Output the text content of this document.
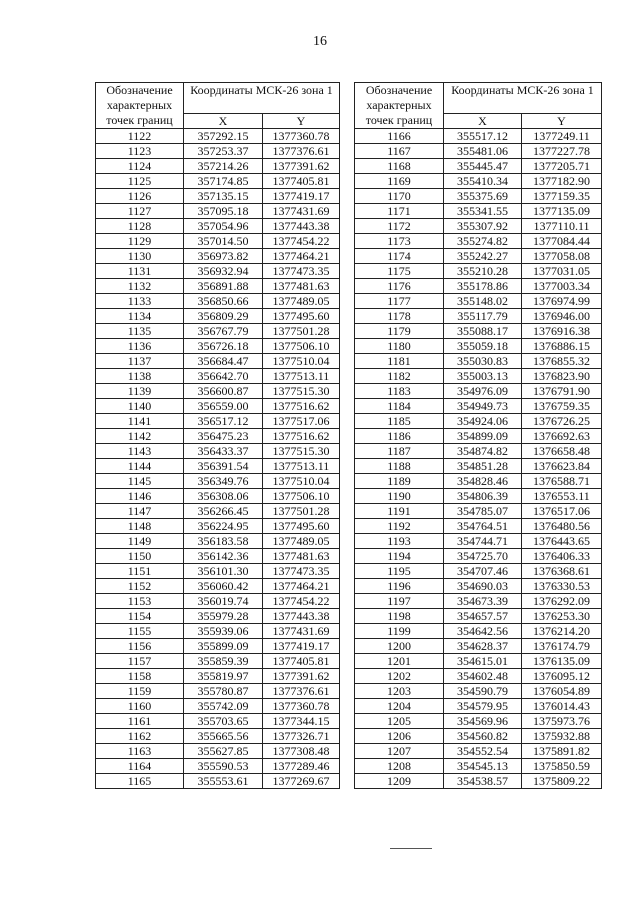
16
Обозначение характерных точек границ	Координаты МСК-26 зона 1	
	X	Y
1122	357292.15	1377360.78
1123	357253.37	1377376.61
1124	357214.26	1377391.62
1125	357174.85	1377405.81
1126	357135.15	1377419.17
1127	357095.18	1377431.69
1128	357054.96	1377443.38
1129	357014.50	1377454.22
1130	356973.82	1377464.21
1131	356932.94	1377473.35
1132	356891.88	1377481.63
1133	356850.66	1377489.05
1134	356809.29	1377495.60
1135	356767.79	1377501.28
1136	356726.18	1377506.10
1137	356684.47	1377510.04
1138	356642.70	1377513.11
1139	356600.87	1377515.30
1140	356559.00	1377516.62
1141	356517.12	1377517.06
1142	356475.23	1377516.62
1143	356433.37	1377515.30
1144	356391.54	1377513.11
1145	356349.76	1377510.04
1146	356308.06	1377506.10
1147	356266.45	1377501.28
1148	356224.95	1377495.60
1149	356183.58	1377489.05
1150	356142.36	1377481.63
1151	356101.30	1377473.35
1152	356060.42	1377464.21
1153	356019.74	1377454.22
1154	355979.28	1377443.38
1155	355939.06	1377431.69
1156	355899.09	1377419.17
1157	355859.39	1377405.81
1158	355819.97	1377391.62
1159	355780.87	1377376.61
1160	355742.09	1377360.78
1161	355703.65	1377344.15
1162	355665.56	1377326.71
1163	355627.85	1377308.48
1164	355590.53	1377289.46
1165	355553.61	1377269.67
Обозначение характерных точек границ	Координаты МСК-26 зона 1	
	X	Y
1166	355517.12	1377249.11
1167	355481.06	1377227.78
1168	355445.47	1377205.71
1169	355410.34	1377182.90
1170	355375.69	1377159.35
1171	355341.55	1377135.09
1172	355307.92	1377110.11
1173	355274.82	1377084.44
1174	355242.27	1377058.08
1175	355210.28	1377031.05
1176	355178.86	1377003.34
1177	355148.02	1376974.99
1178	355117.79	1376946.00
1179	355088.17	1376916.38
1180	355059.18	1376886.15
1181	355030.83	1376855.32
1182	355003.13	1376823.90
1183	354976.09	1376791.90
1184	354949.73	1376759.35
1185	354924.06	1376726.25
1186	354899.09	1376692.63
1187	354874.82	1376658.48
1188	354851.28	1376623.84
1189	354828.46	1376588.71
1190	354806.39	1376553.11
1191	354785.07	1376517.06
1192	354764.51	1376480.56
1193	354744.71	1376443.65
1194	354725.70	1376406.33
1195	354707.46	1376368.61
1196	354690.03	1376330.53
1197	354673.39	1376292.09
1198	354657.57	1376253.30
1199	354642.56	1376214.20
1200	354628.37	1376174.79
1201	354615.01	1376135.09
1202	354602.48	1376095.12
1203	354590.79	1376054.89
1204	354579.95	1376014.43
1205	354569.96	1375973.76
1206	354560.82	1375932.88
1207	354552.54	1375891.82
1208	354545.13	1375850.59
1209	354538.57	1375809.22
